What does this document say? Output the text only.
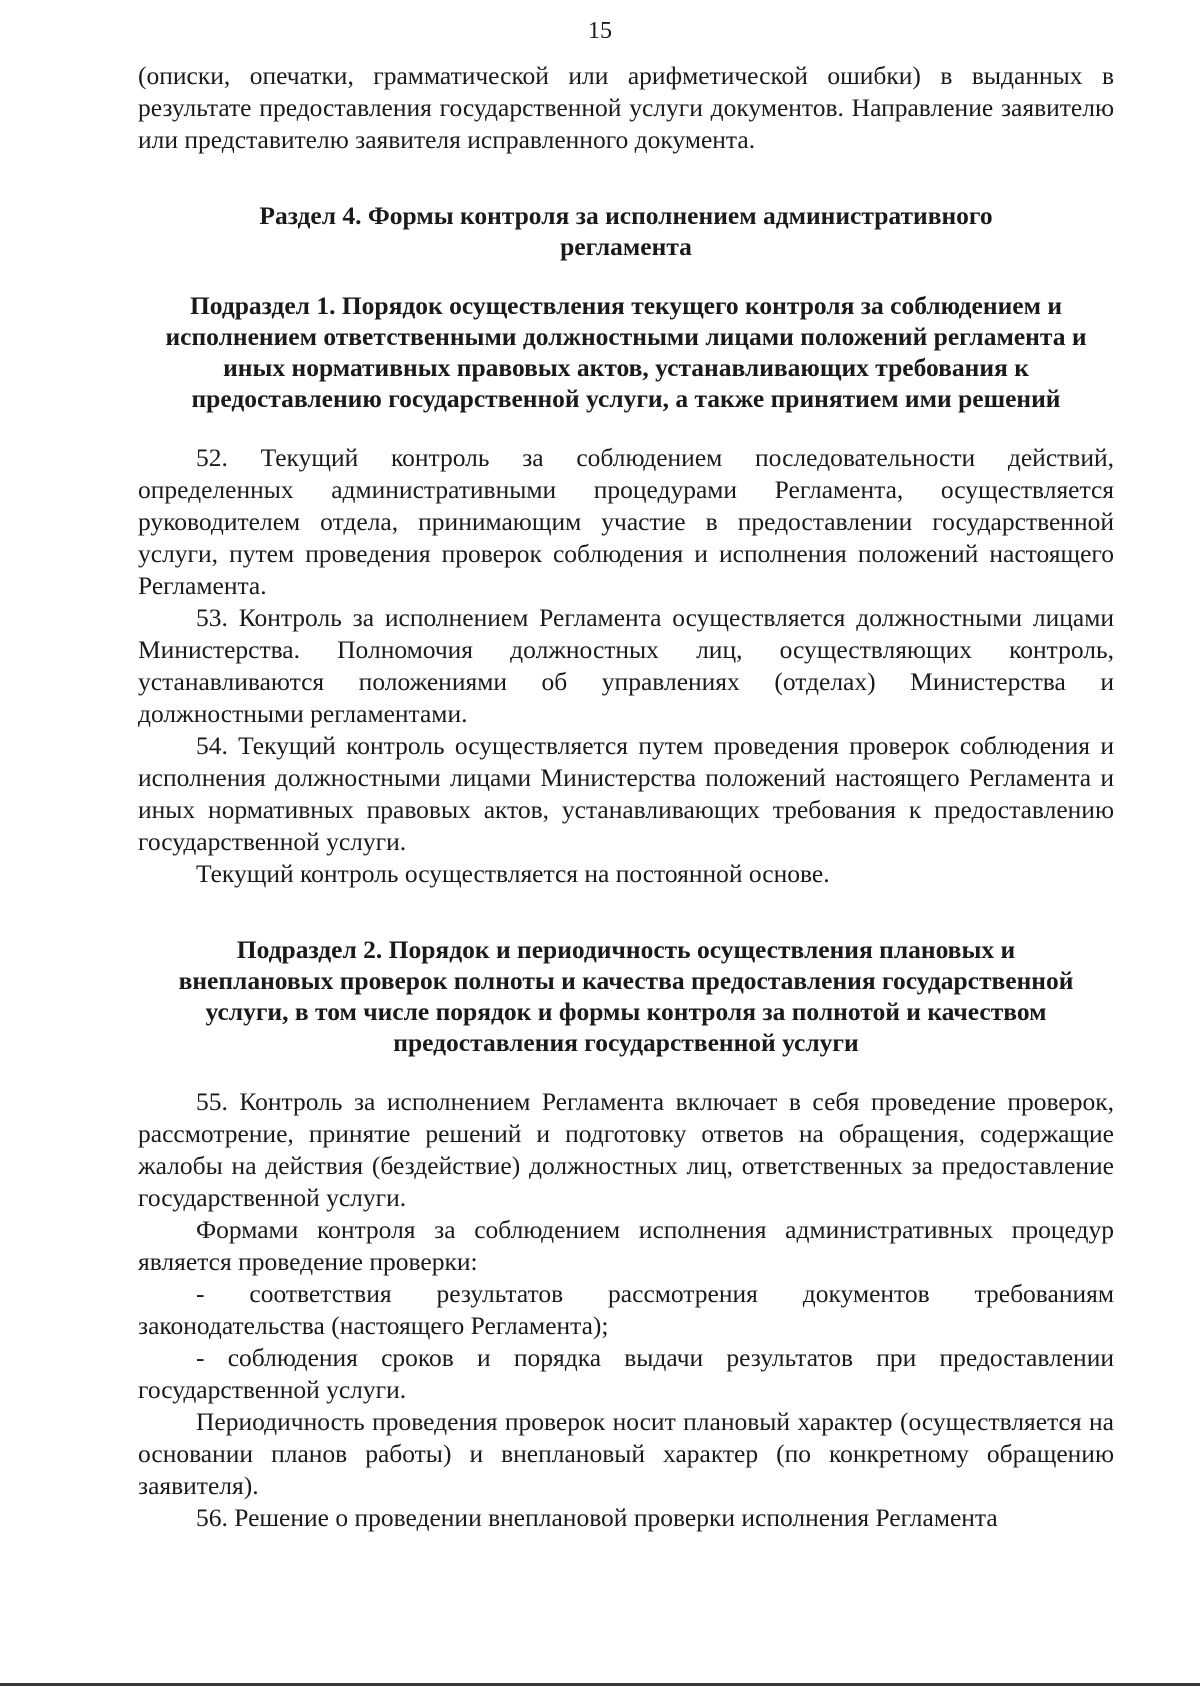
15

(описки, опечатки, грамматической или арифметической ошибки) в выданных в результате предоставления государственной услуги документов. Направление заявителю или представителю заявителя исправленного документа.

Раздел 4. Формы контроля за исполнением административного регламента
Подраздел 1. Порядок осуществления текущего контроля за соблюдением и исполнением ответственными должностными лицами положений регламента и иных нормативных правовых актов, устанавливающих требования к предоставлению государственной услуги, а также принятием ими решений

52. Текущий контроль за соблюдением последовательности действий, определенных административными процедурами Регламента, осуществляется руководителем отдела, принимающим участие в предоставлении государственной услуги, путем проведения проверок соблюдения и исполнения положений настоящего Регламента.

53. Контроль за исполнением Регламента осуществляется должностными лицами Министерства. Полномочия должностных лиц, осуществляющих контроль, устанавливаются положениями об управлениях (отделах) Министерства и должностными регламентами.

54. Текущий контроль осуществляется путем проведения проверок соблюдения и исполнения должностными лицами Министерства положений настоящего Регламента и иных нормативных правовых актов, устанавливающих требования к предоставлению государственной услуги.

Текущий контроль осуществляется на постоянной основе.

Подраздел 2. Порядок и периодичность осуществления плановых и внеплановых проверок полноты и качества предоставления государственной услуги, в том числе порядок и формы контроля за полнотой и качеством предоставления государственной услуги

55. Контроль за исполнением Регламента включает в себя проведение проверок, рассмотрение, принятие решений и подготовку ответов на обращения, содержащие жалобы на действия (бездействие) должностных лиц, ответственных за предоставление государственной услуги.

Формами контроля за соблюдением исполнения административных процедур является проведение проверки:

- соответствия результатов рассмотрения документов требованиям законодательства (настоящего Регламента);

- соблюдения сроков и порядка выдачи результатов при предоставлении государственной услуги.

Периодичность проведения проверок носит плановый характер (осуществляется на основании планов работы) и внеплановый характер (по конкретному обращению заявителя).

56. Решение о проведении внеплановой проверки исполнения Регламента
